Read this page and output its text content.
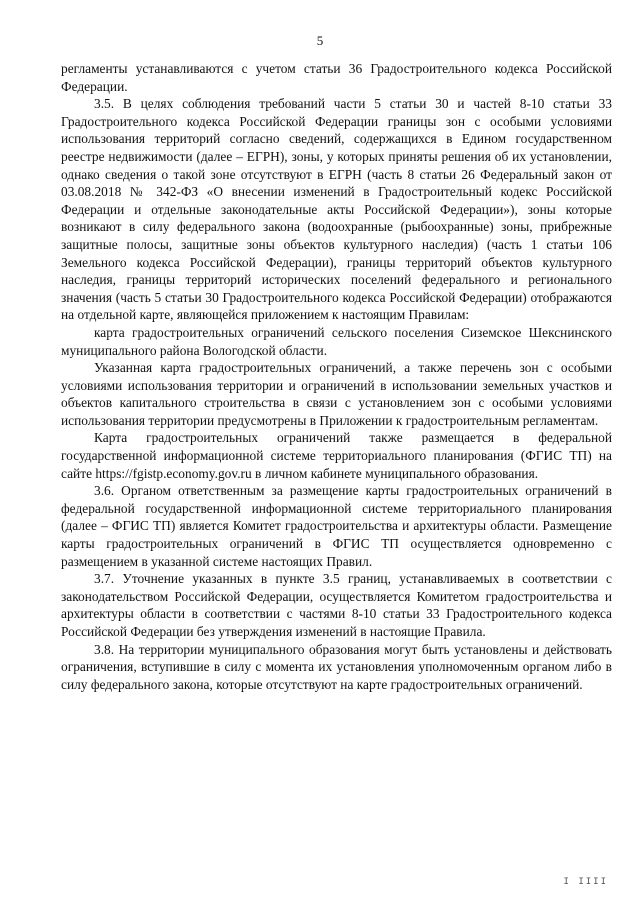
5

регламенты устанавливаются с учетом статьи 36 Градостроительного кодекса Российской Федерации.

3.5. В целях соблюдения требований части 5 статьи 30 и частей 8-10 статьи 33 Градостроительного кодекса Российской Федерации границы зон с особыми условиями использования территорий согласно сведений, содержащихся в Едином государственном реестре недвижимости (далее – ЕГРН), зоны, у которых приняты решения об их установлении, однако сведения о такой зоне отсутствуют в ЕГРН (часть 8 статьи 26 Федеральный закон от 03.08.2018 № 342-ФЗ «О внесении изменений в Градостроительный кодекс Российской Федерации и отдельные законодательные акты Российской Федерации»), зоны которые возникают в силу федерального закона (водоохранные (рыбоохранные) зоны, прибрежные защитные полосы, защитные зоны объектов культурного наследия) (часть 1 статьи 106 Земельного кодекса Российской Федерации), границы территорий объектов культурного наследия, границы территорий исторических поселений федерального и регионального значения (часть 5 статьи 30 Градостроительного кодекса Российской Федерации) отображаются на отдельной карте, являющейся приложением к настоящим Правилам:

карта градостроительных ограничений сельского поселения Сиземское Шекснинского муниципального района Вологодской области.

Указанная карта градостроительных ограничений, а также перечень зон с особыми условиями использования территории и ограничений в использовании земельных участков и объектов капитального строительства в связи с установлением зон с особыми условиями использования территории предусмотрены в Приложении к градостроительным регламентам.

Карта градостроительных ограничений также размещается в федеральной государственной информационной системе территориального планирования (ФГИС ТП) на сайте https://fgistp.economy.gov.ru в личном кабинете муниципального образования.

3.6. Органом ответственным за размещение карты градостроительных ограничений в федеральной государственной информационной системе территориального планирования (далее – ФГИС ТП) является Комитет градостроительства и архитектуры области. Размещение карты градостроительных ограничений в ФГИС ТП осуществляется одновременно с размещением в указанной системе настоящих Правил.

3.7. Уточнение указанных в пункте 3.5 границ, устанавливаемых в соответствии с законодательством Российской Федерации, осуществляется Комитетом градостроительства и архитектуры области в соответствии с частями 8-10 статьи 33 Градостроительного кодекса Российской Федерации без утверждения изменений в настоящие Правила.

3.8. На территории муниципального образования могут быть установлены и действовать ограничения, вступившие в силу с момента их установления уполномоченным органом либо в силу федерального закона, которые отсутствуют на карте градостроительных ограничений.

I IIII
